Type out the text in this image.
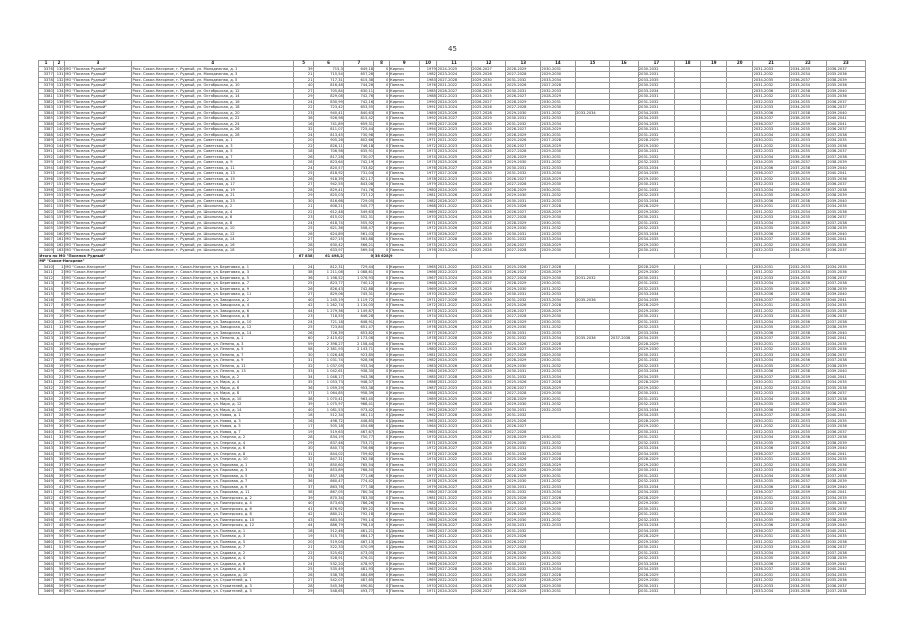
45
1	2	3	4	5	6	7	8	9	10	11	12	13	14	15	16	17	18	19	20	21	22	23
3376	130	МО "Поселок Рудный"	Росс. Сокол-Нагорное, г. Рудный, ул. Молодежная, д. 1	39	715,3	649,18	0	Кирпич	1979	2024-2025	2026-2027	2028-2029	2030-2031			2030-2032				2031-2033	2034-2035	2036-2037
3377	131	МО "Поселок Рудный"	Росс. Сокол-Нагорное, г. Рудный, ул. Молодежная, д. 3	21	715,54	657,28	0	Кирпич	1982	2023-2024	2025-2026	2027-2028	2029-2030			2030-2031				2031-2032	2033-2034	2035-2036
3378	132	МО "Поселок Рудный"	Росс. Сокол-Нагорное, г. Рудный, ул. Молодежная, д. 5	21	717,31	615,38	0	Кирпич	1983	2027-2028	2029-2030	2031-2032	2033-2034			2033-2035				2034-2035	2036-2037	2038-2039
3379	133	МО "Поселок Рудный"	Росс. Сокол-Нагорное, г. Рудный, ул. Октябрьская, д. 10	40	816,48	744,26	0	Панель	1976	2021-2022	2023-2024	2025-2026	2027-2028			2030-2032				2031-2032	2033-2034	2035-2036
3380	134	МО "Поселок Рудный"	Росс. Сокол-Нагорное, г. Рудный, ул. Октябрьская, д. 12	27	705,84	630,11	0	Кирпич	1985	2026-2027	2028-2029	2030-2031	2032-2033			2033-2034				2035-2036	2037-2038	2039-2040
3381	135	МО "Поселок Рудный"	Росс. Сокол-Нагорное, г. Рудный, ул. Октябрьская, д. 14	29	829,08	742,76	0	Кирпич	1988	2022-2023	2024-2025	2026-2027	2028-2029			2030-2031				2031-2032	2033-2034	2035-2036
3382	136	МО "Поселок Рудный"	Росс. Сокол-Нагорное, г. Рудный, ул. Октябрьская, д. 16	24	830,99	742,16	0	Кирпич	1990	2024-2025	2026-2027	2028-2029	2030-2031			2031-2032				2032-2033	2034-2035	2036-2037
3383	137	МО "Поселок Рудный"	Росс. Сокол-Нагорное, г. Рудный, ул. Октябрьская, д. 18	22	723,42	653,55	0	Кирпич	1991	2023-2024	2025-2026	2027-2028	2029-2030			2030-2031				2032-2033	2034-2035	2036-2037
3384	138	МО "Поселок Рудный"	Росс. Сокол-Нагорное, г. Рудный, ул. Октябрьская, д. 20	23	940,41	840,63	0	Панель	1989	2025-2026	2027-2028	2029-2030	2031-2032	2033-2034		2034-2035				2035-2036	2037-2038	2039-2040
3385	139	МО "Поселок Рудный"	Росс. Сокол-Нагорное, г. Рудный, ул. Октябрьская, д. 22	36	926,98	815,42	0	Панель	1992	2026-2027	2028-2029	2030-2031	2032-2033			2034-2035				2036-2037	2038-2039	2040-2041
3386	140	МО "Поселок Рудный"	Росс. Сокол-Нагорное, г. Рудный, ул. Октябрьская, д. 24	16	741,89	659,31	0	Кирпич	1993	2027-2028	2029-2030	2031-2032	2033-2034			2034-2035				2036-2037	2038-2039	2040-2041
3387	141	МО "Поселок Рудный"	Росс. Сокол-Нагорное, г. Рудный, ул. Октябрьская, д. 26	32	811,07	725,44	0	Кирпич	1994	2022-2023	2024-2025	2026-2027	2028-2029			2030-2031				2032-2033	2034-2035	2036-2037
3388	142	МО "Поселок Рудный"	Росс. Сокол-Нагорное, г. Рудный, ул. Октябрьская, д. 28	24	813,45	730,98	0	Кирпич	1995	2024-2025	2026-2027	2028-2029	2030-2031			2031-2032				2033-2034	2035-2036	2037-2038
3389	143	МО "Поселок Рудный"	Росс. Сокол-Нагорное, г. Рудный, ул. Советская, д. 1	20	905,26	802,66	0	Панель	1971	2021-2022	2023-2024	2025-2026	2027-2028			2028-2029				2030-2031	2032-2033	2034-2035
3390	144	МО "Поселок Рудный"	Росс. Сокол-Нагорное, г. Рудный, ул. Советская, д. 3	22	826,11	746,18	0	Панель	1972	2022-2023	2024-2025	2026-2027	2028-2029			2029-2030				2031-2032	2033-2034	2035-2036
3391	145	МО "Поселок Рудный"	Росс. Сокол-Нагорное, г. Рудный, ул. Советская, д. 5	18	706,98	635,91	0	Кирпич	1973	2023-2024	2025-2026	2027-2028	2029-2030			2030-2031				2032-2033	2034-2035	2036-2037
3392	146	МО "Поселок Рудный"	Росс. Сокол-Нагорное, г. Рудный, ул. Советская, д. 7	26	817,28	730,07	0	Кирпич	1974	2024-2025	2026-2027	2028-2029	2030-2031			2031-2032				2033-2034	2035-2036	2037-2038
3393	147	МО "Поселок Рудный"	Росс. Сокол-Нагорное, г. Рудный, ул. Советская, д. 9	28	823,64	742,19	0	Кирпич	1975	2025-2026	2027-2028	2029-2030	2031-2032			2032-2033				2034-2035	2036-2037	2038-2039
3394	148	МО "Поселок Рудный"	Росс. Сокол-Нагорное, г. Рудный, ул. Советская, д. 11	24	820,57	733,82	0	Кирпич	1976	2026-2027	2028-2029	2030-2031	2032-2033			2033-2034				2035-2036	2037-2038	2039-2040
3395	149	МО "Поселок Рудный"	Росс. Сокол-Нагорное, г. Рудный, ул. Советская, д. 13	25	818,92	731,04	0	Панель	1977	2027-2028	2029-2030	2031-2032	2033-2034			2034-2035				2036-2037	2038-2039	2040-2041
3396	150	МО "Поселок Рудный"	Росс. Сокол-Нагорное, г. Рудный, ул. Советская, д. 15	26	918,39	821,17	0	Панель	1978	2022-2023	2024-2025	2026-2027	2028-2029			2029-2030				2031-2032	2033-2034	2035-2036
3397	151	МО "Поселок Рудный"	Росс. Сокол-Нагорное, г. Рудный, ул. Советская, д. 17	27	942,55	843,08	0	Панель	1979	2023-2024	2025-2026	2027-2028	2029-2030			2030-2031				2032-2033	2034-2035	2036-2037
3398	152	МО "Поселок Рудный"	Росс. Сокол-Нагорное, г. Рудный, ул. Советская, д. 19	28	829,41	741,76	0	Кирпич	1980	2024-2025	2026-2027	2028-2029	2030-2031			2031-2032				2033-2034	2035-2036	2037-2038
3399	153	МО "Поселок Рудный"	Росс. Сокол-Нагорное, г. Рудный, ул. Советская, д. 21	29	825,03	737,12	0	Кирпич	1981	2025-2026	2027-2028	2029-2030	2031-2032			2032-2033				2034-2035	2036-2037	2038-2039
3400	154	МО "Поселок Рудный"	Росс. Сокол-Нагорное, г. Рудный, ул. Советская, д. 23	30	816,66	729,05	0	Кирпич	1982	2026-2027	2028-2029	2030-2031	2032-2033			2033-2034				2035-2036	2037-2038	2039-2040
3401	155	МО "Поселок Рудный"	Росс. Сокол-Нагорное, г. Рудный, ул. Школьная, д. 2	21	608,21	545,77	0	Кирпич	1968	2021-2022	2023-2024	2025-2026	2027-2028			2028-2029				2030-2031	2032-2033	2034-2035
3402	156	МО "Поселок Рудный"	Росс. Сокол-Нагорное, г. Рудный, ул. Школьная, д. 4	22	612,48	549,63	0	Кирпич	1969	2022-2023	2024-2025	2026-2027	2028-2029			2029-2030				2031-2032	2033-2034	2035-2036
3403	157	МО "Поселок Рудный"	Росс. Сокол-Нагорное, г. Рудный, ул. Школьная, д. 6	23	615,02	552,31	0	Кирпич	1970	2023-2024	2025-2026	2027-2028	2029-2030			2030-2031				2032-2033	2034-2035	2036-2037
3404	158	МО "Поселок Рудный"	Росс. Сокол-Нагорное, г. Рудный, ул. Школьная, д. 8	24	618,74	555,92	0	Кирпич	1971	2024-2025	2026-2027	2028-2029	2030-2031			2031-2032				2033-2034	2035-2036	2037-2038
3405	159	МО "Поселок Рудный"	Росс. Сокол-Нагорное, г. Рудный, ул. Школьная, д. 10	25	621,36	558,47	0	Кирпич	1972	2025-2026	2027-2028	2029-2030	2031-2032			2032-2033				2034-2035	2036-2037	2038-2039
3406	160	МО "Поселок Рудный"	Росс. Сокол-Нагорное, г. Рудный, ул. Школьная, д. 12	26	624,89	561,03	0	Кирпич	1973	2026-2027	2028-2029	2030-2031	2032-2033			2033-2034				2035-2036	2037-2038	2039-2040
3407	161	МО "Поселок Рудный"	Росс. Сокол-Нагорное, г. Рудный, ул. Школьная, д. 14	27	627,15	563,88	0	Панель	1974	2027-2028	2029-2030	2031-2032	2033-2034			2034-2035				2036-2037	2038-2039	2040-2041
3408	162	МО "Поселок Рудный"	Росс. Сокол-Нагорное, г. Рудный, ул. Школьная, д. 16	28	630,42	566,21	0	Панель	1975	2022-2023	2024-2025	2026-2027	2028-2029			2029-2030				2031-2032	2033-2034	2035-2036
3409	163	МО "Поселок Рудный"	Росс. Сокол-Нагорное, г. Рудный, ул. Школьная, д. 18	29	633,97	569,54	0	Панель	1976	2023-2024	2025-2026	2027-2028	2029-2030			2030-2031				2032-2033	2034-2035	2036-2037
Итого по МО "Поселок Рудный"				67 838	61 498,2	0	38 628,9															
МР "Сокол-Нагорное"																						
3410	1	МО "Сокол-Нагорное"	Росс. Сокол-Нагорное, г. Сокол-Нагорное, ул. Береговая, д. 1	24	812,31	729,44	0	Кирпич	1965	2021-2022	2023-2024	2025-2026	2027-2028			2028-2029				2030-2031	2032-2033	2034-2035
3411	2	МО "Сокол-Нагорное"	Росс. Сокол-Нагорное, г. Сокол-Нагорное, ул. Береговая, д. 3	38	1 211,08	1 088,61	0	Панель	1966	2022-2023	2024-2025	2026-2027	2028-2029			2029-2030				2031-2032	2033-2034	2035-2036
3412	3	МО "Сокол-Нагорное"	Росс. Сокол-Нагорное, г. Сокол-Нагорное, ул. Береговая, д. 5	36	1 198,52	1 076,93	0	Панель	1967	2023-2024	2025-2026	2027-2028	2029-2030	2031-2032		2030-2031				2032-2033	2034-2035	2036-2037
3413	4	МО "Сокол-Нагорное"	Росс. Сокол-Нагорное, г. Сокол-Нагорное, ул. Береговая, д. 7	25	823,77	740,12	0	Кирпич	1968	2024-2025	2026-2027	2028-2029	2030-2031			2031-2032				2033-2034	2035-2036	2037-2038
3414	5	МО "Сокол-Нагорное"	Росс. Сокол-Нагорное, г. Сокол-Нагорное, ул. Береговая, д. 9	26	826,43	742,88	0	Кирпич	1969	2025-2026	2027-2028	2029-2030	2031-2032			2032-2033				2034-2035	2036-2037	2038-2039
3415	6	МО "Сокол-Нагорное"	Росс. Сокол-Нагорное, г. Сокол-Нагорное, ул. Береговая, д. 11	27	829,06	745,31	0	Кирпич	1970	2026-2027	2028-2029	2030-2031	2032-2033			2033-2034				2035-2036	2037-2038	2039-2040
3416	7	МО "Сокол-Нагорное"	Росс. Сокол-Нагорное, г. Сокол-Нагорное, ул. Заводская, д. 2	40	1 245,19	1 119,72	0	Панель	1971	2027-2028	2029-2030	2031-2032	2033-2034	2035-2036		2034-2035				2036-2037	2038-2039	2040-2041
3417	8	МО "Сокол-Нагорное"	Росс. Сокол-Нагорное, г. Сокол-Нагорное, ул. Заводская, д. 4	42	1 262,74	1 134,05	0	Панель	1972	2021-2022	2023-2024	2025-2026	2027-2028			2028-2029				2030-2031	2032-2033	2034-2035
3418	9	МО "Сокол-Нагорное"	Росс. Сокол-Нагорное, г. Сокол-Нагорное, ул. Заводская, д. 6	44	1 279,36	1 149,87	0	Панель	1973	2022-2023	2024-2025	2026-2027	2028-2029			2029-2030				2031-2032	2033-2034	2035-2036
3419	10	МО "Сокол-Нагорное"	Росс. Сокол-Нагорное, г. Сокол-Нагорное, ул. Заводская, д. 8	23	718,55	646,28	0	Кирпич	1974	2023-2024	2025-2026	2027-2028	2029-2030			2030-2031				2032-2033	2034-2035	2036-2037
3420	11	МО "Сокол-Нагорное"	Росс. Сокол-Нагорное, г. Сокол-Нагорное, ул. Заводская, д. 10	24	721,18	648,91	0	Кирпич	1975	2024-2025	2026-2027	2028-2029	2030-2031			2031-2032				2033-2034	2035-2036	2037-2038
3421	12	МО "Сокол-Нагорное"	Росс. Сокол-Нагорное, г. Сокол-Нагорное, ул. Заводская, д. 12	25	723,84	651,47	0	Кирпич	1976	2025-2026	2027-2028	2029-2030	2031-2032			2032-2033				2034-2035	2036-2037	2038-2039
3422	13	МО "Сокол-Нагорное"	Росс. Сокол-Нагорное, г. Сокол-Нагорное, ул. Заводская, д. 14	26	726,39	653,82	0	Кирпич	1977	2026-2027	2028-2029	2030-2031	2032-2033			2033-2034				2035-2036	2037-2038	2039-2040
3423	14	МО "Сокол-Нагорное"	Росс. Сокол-Нагорное, г. Сокол-Нагорное, ул. Ленина, д. 1	60	2 415,62	2 173,06	0	Панель	1978	2027-2028	2029-2030	2031-2032	2033-2034	2035-2036	2037-2038	2034-2035				2036-2037	2038-2039	2040-2041
3424	15	МО "Сокол-Нagорное"	Росс. Сокол-Нагорное, г. Сокол-Нагорное, ул. Ленина, д. 3	59	2 398,27	2 158,44	0	Панель	1979	2021-2022	2023-2024	2025-2026	2027-2028			2028-2029				2030-2031	2032-2033	2034-2035
3425	16	МО "Сокол-Нагорное"	Росс. Сокол-Нагорное, г. Сокол-Нагорное, ул. Ленина, д. 5	58	2 381,93	2 143,71	0	Панель	1980	2022-2023	2024-2025	2026-2027	2028-2029			2029-2030				2031-2032	2033-2034	2035-2036
3426	17	МО "Сокол-Нагорное"	Росс. Сокол-Нагорное, г. Сокол-Нагорное, ул. Ленина, д. 7	30	1 026,48	923,85	0	Кирпич	1981	2023-2024	2025-2026	2027-2028	2029-2030			2030-2031				2032-2033	2034-2035	2036-2037
3427	18	МО "Сокол-Нагорное"	Росс. Сокол-Нагорное, г. Сокол-Нагорное, ул. Ленина, д. 9	31	1 031,74	928,56	0	Кирпич	1982	2024-2025	2026-2027	2028-2029	2030-2031			2031-2032				2033-2034	2035-2036	2037-2038
3428	19	МО "Сокол-Нагорное"	Росс. Сокол-Нагорное, г. Сокол-Нагорное, ул. Ленина, д. 11	32	1 037,05	933,34	0	Кирпич	1983	2025-2026	2027-2028	2029-2030	2031-2032			2032-2033				2034-2035	2036-2037	2038-2039
3429	20	МО "Сокол-Нагорное"	Росс. Сокол-Нагорное, г. Сокол-Нагорное, ул. Ленина, д. 13	33	1 042,61	938,35	0	Кирпич	1984	2026-2027	2028-2029	2030-2031	2032-2033			2033-2034				2035-2036	2037-2038	2039-2040
3430	21	МО "Сокол-Нагорное"	Росс. Сокол-Нагорное, г. Сокол-Нагорное, ул. Мира, д. 2	34	1 048,17	943,36	0	Панель	1985	2027-2028	2029-2030	2031-2032	2033-2034			2034-2035				2036-2037	2038-2039	2040-2041
3431	22	МО "Сокол-Нагорное"	Росс. Сокол-Нагорное, г. Сокол-Нагорное, ул. Мира, д. 4	35	1 053,73	948,37	0	Панель	1986	2021-2022	2023-2024	2025-2026	2027-2028			2028-2029				2030-2031	2032-2033	2034-2035
3432	23	МО "Сокол-Нагорное"	Росс. Сокол-Нагорное, г. Сокол-Нагорное, ул. Мира, д. 6	36	1 059,29	953,38	0	Панель	1987	2022-2023	2024-2025	2026-2027	2028-2029			2029-2030				2031-2032	2033-2034	2035-2036
3433	24	МО "Сокол-Нагорное"	Росс. Сокол-Нагорное, г. Сокол-Нагорное, ул. Мира, д. 8	37	1 064,85	958,39	0	Кирпич	1988	2023-2024	2025-2026	2027-2028	2029-2030			2030-2031				2032-2033	2034-2035	2036-2037
3434	25	МО "Сокол-Нагорное"	Росс. Сокол-Нагорное, г. Сокол-Нагорное, ул. Мира, д. 10	38	1 070,41	963,40	0	Кирпич	1989	2024-2025	2026-2027	2028-2029	2030-2031			2031-2032				2033-2034	2035-2036	2037-2038
3435	26	МО "Сокол-Нагорное"	Росс. Сокол-Нагорное, г. Сокол-Нагорное, ул. Мира, д. 12	39	1 075,97	968,41	0	Кирпич	1990	2025-2026	2027-2028	2029-2030	2031-2032			2032-2033				2034-2035	2036-2037	2038-2039
3436	27	МО "Сокол-Нагорное"	Росс. Сокол-Нагорное, г. Сокол-Нагорное, ул. Мира, д. 14	40	1 081,53	973,42	0	Кирпич	1991	2026-2027	2028-2029	2030-2031	2032-2033			2033-2034				2035-2036	2037-2038	2039-2040
3437	28	МО "Сокол-Нагорное"	Росс. Сокол-Нагорное, г. Сокол-Нагорное, ул. Новая, д. 1	18	512,34	461,11	0	Дерево	1962	2027-2028	2029-2030	2031-2032				2034-2035				2036-2037	2038-2039	2040-2041
3438	29	МО "Сокол-Нагорное"	Росс. Сокол-Нагорное, г. Сокол-Нагорное, ул. Новая, д. 3	16	498,72	448,85	0	Дерево	1963	2021-2022	2023-2024	2025-2026				2028-2029				2030-2031	2032-2033	2034-2035
3439	30	МО "Сокол-Нагорное"	Росс. Сокол-Нагорное, г. Сокол-Нагорное, ул. Новая, д. 5	17	505,18	454,66	0	Дерево	1964	2022-2023	2024-2025	2026-2027				2029-2030				2031-2032	2033-2034	2035-2036
3440	31	МО "Сокол-Нагорное"	Росс. Сокол-Нагорное, г. Сокол-Нагорное, ул. Новая, д. 7	19	519,63	467,67	0	Дерево	1965	2023-2024	2025-2026	2027-2028				2030-2031				2032-2033	2034-2035	2036-2037
3441	32	МО "Сокол-Нагорное"	Росс. Сокол-Нагорное, г. Сокол-Нагорное, ул. Озерная, д. 2	28	834,19	750,77	0	Кирпич	1970	2024-2025	2026-2027	2028-2029	2030-2031			2031-2032				2033-2034	2035-2036	2037-2038
3442	33	МО "Сокол-Нагорное"	Росс. Сокол-Нагорное, г. Сокол-Нагорное, ул. Озерная, д. 4	29	837,46	753,71	0	Кирпич	1971	2025-2026	2027-2028	2029-2030	2031-2032			2032-2033				2034-2035	2036-2037	2038-2039
3443	34	МО "Сокол-Нагорное"	Росс. Сокол-Нагорное, г. Сокол-Нагорное, ул. Озерная, д. 6	30	840,73	756,66	0	Кирпич	1972	2026-2027	2028-2029	2030-2031	2032-2033			2033-2034				2035-2036	2037-2038	2039-2040
3444	35	МО "Сокол-Нагорное"	Росс. Сокол-Нагорное, г. Сокол-Нагорное, ул. Озерная, д. 8	31	844,02	759,62	0	Панель	1973	2027-2028	2029-2030	2031-2032	2033-2034			2034-2035				2036-2037	2038-2039	2040-2041
3445	36	МО "Сокол-Нагорное"	Росс. Сокол-Нагорное, г. Сокол-Нагорное, ул. Озерная, д. 10	32	847,31	762,58	0	Панель	1974	2021-2022	2023-2024	2025-2026	2027-2028			2028-2029				2030-2031	2032-2033	2034-2035
3446	37	МО "Сокол-Нагорное"	Росс. Сокол-Нагорное, г. Сокол-Нагорное, ул. Парковая, д. 1	33	850,60	765,54	0	Панель	1975	2022-2023	2024-2025	2026-2027	2028-2029			2029-2030				2031-2032	2033-2034	2035-2036
3447	38	МО "Сокол-Нагорное"	Росс. Сокол-Нагорное, г. Сокол-Нагорное, ул. Парковая, д. 3	34	853,89	768,50	0	Панель	1976	2023-2024	2025-2026	2027-2028	2029-2030			2030-2031				2032-2033	2034-2035	2036-2037
3448	39	МО "Сокол-Нагорное"	Росс. Сокол-Нагорное, г. Сокол-Нагорное, ул. Парковая, д. 5	35	857,18	771,46	0	Кирпич	1977	2024-2025	2026-2027	2028-2029	2030-2031			2031-2032				2033-2034	2035-2036	2037-2038
3449	40	МО "Сокол-Нагорное"	Росс. Сокол-Нагорное, г. Сокол-Нагорное, ул. Парковая, д. 7	36	860,47	774,42	0	Кирпич	1978	2025-2026	2027-2028	2029-2030	2031-2032			2032-2033				2034-2035	2036-2037	2038-2039
3450	41	МО "Сокол-Нагорное"	Росс. Сокол-Нагорное, г. Сокол-Нагорное, ул. Парковая, д. 9	37	863,76	777,38	0	Кирпич	1979	2026-2027	2028-2029	2030-2031	2032-2033			2033-2034				2035-2036	2037-2038	2039-2040
3451	42	МО "Сокол-Нагорное"	Росс. Сокол-Нагорное, г. Сокол-Нагорное, ул. Парковая, д. 11	38	867,05	780,34	0	Кирпич	1980	2027-2028	2029-2030	2031-2032	2033-2034			2034-2035				2036-2037	2038-2039	2040-2041
3452	43	МО "Сокол-Нагорное"	Росс. Сокол-Нагорное, г. Сокол-Нагорное, ул. Пионерская, д. 2	39	870,34	783,30	0	Панель	1981	2021-2022	2023-2024	2025-2026	2027-2028			2028-2029				2030-2031	2032-2033	2034-2035
3453	44	МО "Сокол-Нагорное"	Росс. Сокол-Нагорное, г. Сокол-Нагорное, ул. Пионерская, д. 4	40	873,63	786,26	0	Панель	1982	2022-2023	2024-2025	2026-2027	2028-2029			2029-2030				2031-2032	2033-2034	2035-2036
3454	45	МО "Сокол-Нагорное"	Росс. Сокол-Нагорное, г. Сокол-Нагорное, ул. Пионерская, д. 6	41	876,92	789,22	0	Панель	1983	2023-2024	2025-2026	2027-2028	2029-2030			2030-2031				2032-2033	2034-2035	2036-2037
3455	46	МО "Сокол-Нагорное"	Росс. Сокол-Нагорное, г. Сокол-Нагорное, ул. Пионерская, д. 8	42	880,21	792,18	0	Кирпич	1984	2024-2025	2026-2027	2028-2029	2030-2031			2031-2032				2033-2034	2035-2036	2037-2038
3456	47	МО "Сокол-Нагорное"	Росс. Сокол-Нагорное, г. Сокол-Нагорное, ул. Пионерская, д. 10	43	883,50	795,14	0	Кирпич	1985	2025-2026	2027-2028	2029-2030	2031-2032			2032-2033				2034-2035	2036-2037	2038-2039
3457	48	МО "Сокол-Нагорное"	Росс. Сокол-Нагорное, г. Сокол-Нагорное, ул. Пионерская, д. 12	44	886,79	798,10	0	Кирпич	1986	2026-2027	2028-2029	2030-2031	2032-2033			2033-2034				2035-2036	2037-2038	2039-2040
3458	49	МО "Сокол-Нагорное"	Росс. Сокол-Нагорное, г. Сокол-Нагорное, ул. Полевая, д. 1	18	512,46	461,21	0	Дерево	1960	2027-2028	2029-2030	2031-2032				2034-2035				2036-2037	2038-2039	2040-2041
3459	50	МО "Сокол-Нагорное"	Росс. Сокол-Нагорное, г. Сокол-Нагорное, ул. Полевая, д. 3	19	515,75	464,17	0	Дерево	1961	2021-2022	2023-2024	2025-2026				2028-2029				2030-2031	2032-2033	2034-2035
3460	51	МО "Сокол-Нагорное"	Росс. Сокол-Нагорное, г. Сокол-Нагорное, ул. Полевая, д. 5	20	519,04	467,13	0	Дерево	1962	2022-2023	2024-2025	2026-2027				2029-2030				2031-2032	2033-2034	2035-2036
3461	52	МО "Сокол-Нагорное"	Росс. Сокол-Нагорное, г. Сокол-Нагорное, ул. Полевая, д. 7	21	522,33	470,09	0	Дерево	1963	2023-2024	2025-2026	2027-2028				2030-2031				2032-2033	2034-2035	2036-2037
3462	53	МО "Сокол-Нагорное"	Росс. Сокол-Нагорное, г. Сокол-Нагорное, ул. Садовая, д. 2	22	525,62	473,05	0	Кирпич	1964	2024-2025	2026-2027	2028-2029	2030-2031			2031-2032				2033-2034	2035-2036	2037-2038
3463	54	МО "Сокол-Нагорное"	Росс. Сокол-Нагорное, г. Сокол-Нагорное, ул. Садовая, д. 4	23	528,91	476,01	0	Кирпич	1965	2025-2026	2027-2028	2029-2030	2031-2032			2032-2033				2034-2035	2036-2037	2038-2039
3464	55	МО "Сокол-Нагорное"	Росс. Сокол-Нагорное, г. Сокол-Нагорное, ул. Садовая, д. 6	24	532,20	478,97	0	Кирпич	1966	2026-2027	2028-2029	2030-2031	2032-2033			2033-2034				2035-2036	2037-2038	2039-2040
3465	56	МО "Сокол-Нагорное"	Росс. Сокол-Нагорное, г. Сокол-Нагорное, ул. Садовая, д. 8	25	535,49	481,93	0	Кирпич	1967	2027-2028	2029-2030	2031-2032	2033-2034			2034-2035				2036-2037	2038-2039	2040-2041
3466	57	МО "Сокол-Нагорное"	Росс. Сокол-Нагорное, г. Сокол-Нагорное, ул. Садовая, д. 10	26	538,78	484,89	0	Кирпич	1968	2021-2022	2023-2024	2025-2026	2027-2028			2028-2029				2030-2031	2032-2033	2034-2035
3467	58	МО "Сокол-Нагорное"	Росс. Сокол-Нагорное, г. Сокол-Нагорное, ул. Строителей, д. 1	27	542,07	487,85	0	Панель	1969	2022-2023	2024-2025	2026-2027	2028-2029			2029-2030				2031-2032	2033-2034	2035-2036
3468	59	МО "Сокол-Нагорное"	Росс. Сокол-Нагорное, г. Сокол-Нагорное, ул. Строителей, д. 3	28	545,36	490,81	0	Панель	1970	2023-2024	2025-2026	2027-2028	2029-2030			2030-2031				2032-2033	2034-2035	2036-2037
3469	60	МО "Сокол-Нагорное"	Росс. Сокол-Нагорное, г. Сокол-Нагорное, ул. Строителей, д. 5	29	548,65	493,77	0	Панель	1971	2024-2025	2026-2027	2028-2029	2030-2031			2031-2032				2033-2034	2035-2036	2037-2038
